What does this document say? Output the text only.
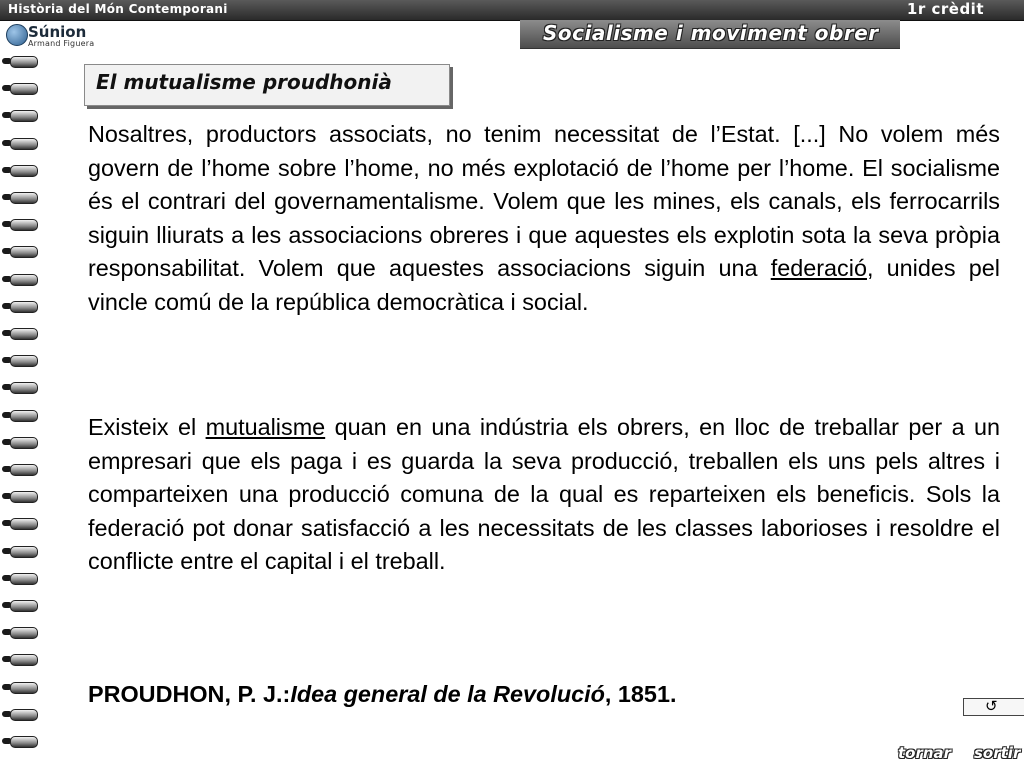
Història del Món Contemporani	1r crèdit
Socialisme i moviment obrer
Súnion
Armand Figuera
El mutualisme proudhonià
Nosaltres, productors associats, no tenim necessitat de l’Estat. [...] No volem més govern de l’home sobre l’home, no més explotació de l’home per l’home. El socialisme és el contrari del governamentalisme. Volem que les mines, els canals, els ferrocarrils siguin lliurats a les associacions obreres i que aquestes els explotin sota la seva pròpia responsabilitat. Volem que aquestes associacions siguin una federació, unides pel vincle comú de la república democràtica i social.
Existeix el mutualisme quan en una indústria els obrers, en lloc de treballar per a un empresari que els paga i es guarda la seva producció, treballen els uns pels altres i comparteixen una producció comuna de la qual es reparteixen els beneficis. Sols la federació pot donar satisfacció a les necessitats de les classes laborioses i resoldre el conflicte entre el capital i el treball.
PROUDHON, P. J.:Idea general de la Revolució, 1851.	↺
tornar sortir
